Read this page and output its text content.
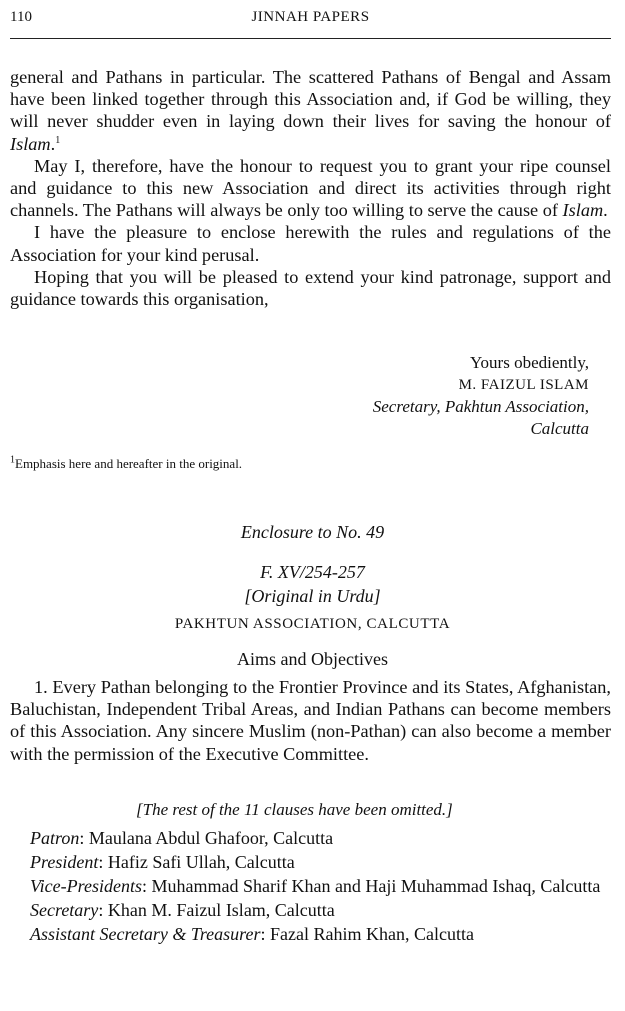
110	JINNAH PAPERS

general and Pathans in particular. The scattered Pathans of Bengal and Assam have been linked together through this Association and, if God be willing, they will never shudder even in laying down their lives for saving the honour of Islam.$^1$

May I, therefore, have the honour to request you to grant your ripe counsel and guidance to this new Association and direct its activities through right channels. The Pathans will always be only too willing to serve the cause of Islam.

I have the pleasure to enclose herewith the rules and regulations of the Association for your kind perusal.

Hoping that you will be pleased to extend your kind patronage, support and guidance towards this organisation,

Yours obediently,
M. FAIZUL ISLAM
Secretary, Pakhtun Association,
Calcutta
$^1$Emphasis here and hereafter in the original.
Enclosure to No. 49
F. XV/254-257
[Original in Urdu]
PAKHTUN ASSOCIATION, CALCUTTA
Aims and Objectives

1. Every Pathan belonging to the Frontier Province and its States, Afghanistan, Baluchistan, Independent Tribal Areas, and Indian Pathans can become members of this Association. Any sincere Muslim (non-Pathan) can also become a member with the permission of the Executive Committee.

[The rest of the 11 clauses have been omitted.]
Patron: Maulana Abdul Ghafoor, Calcutta
President: Hafiz Safi Ullah, Calcutta
Vice-Presidents: Muhammad Sharif Khan and Haji Muhammad Ishaq, Calcutta
Secretary: Khan M. Faizul Islam, Calcutta
Assistant Secretary & Treasurer: Fazal Rahim Khan, Calcutta
